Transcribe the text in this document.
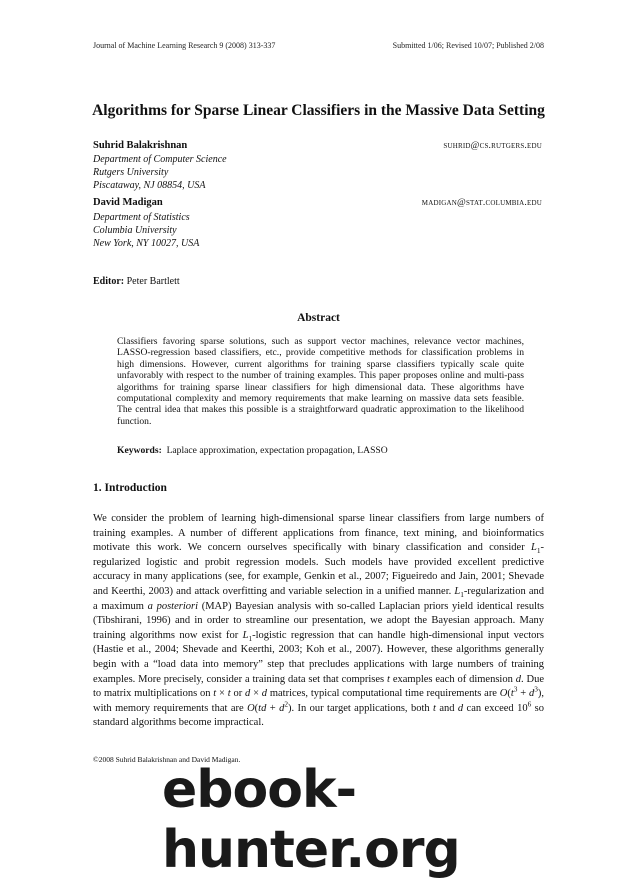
Journal of Machine Learning Research 9 (2008) 313-337	Submitted 1/06; Revised 10/07; Published 2/08
Algorithms for Sparse Linear Classifiers in the Massive Data Setting
Suhrid Balakrishnan	suhrid@cs.rutgers.edu
Department of Computer Science
Rutgers University
Piscataway, NJ 08854, USA
David Madigan	madigan@stat.columbia.edu
Department of Statistics
Columbia University
New York, NY 10027, USA
Editor: Peter Bartlett
Abstract
Classifiers favoring sparse solutions, such as support vector machines, relevance vector machines, LASSO-regression based classifiers, etc., provide competitive methods for classification problems in high dimensions. However, current algorithms for training sparse classifiers typically scale quite unfavorably with respect to the number of training examples. This paper proposes online and multi-pass algorithms for training sparse linear classifiers for high dimensional data. These algorithms have computational complexity and memory requirements that make learning on massive data sets feasible. The central idea that makes this possible is a straightforward quadratic approximation to the likelihood function.
Keywords: Laplace approximation, expectation propagation, LASSO
1. Introduction
We consider the problem of learning high-dimensional sparse linear classifiers from large numbers of training examples. A number of different applications from finance, text mining, and bioinformatics motivate this work. We concern ourselves specifically with binary classification and consider $L_1$-regularized logistic and probit regression models. Such models have provided excellent predictive accuracy in many applications (see, for example, Genkin et al., 2007; Figueiredo and Jain, 2001; Shevade and Keerthi, 2003) and attack overfitting and variable selection in a unified manner. $L_1$-regularization and a maximum a posteriori (MAP) Bayesian analysis with so-called Laplacian priors yield identical results (Tibshirani, 1996) and in order to streamline our presentation, we adopt the Bayesian approach. Many training algorithms now exist for $L_1$-logistic regression that can handle high-dimensional input vectors (Hastie et al., 2004; Shevade and Keerthi, 2003; Koh et al., 2007). However, these algorithms generally begin with a “load data into memory” step that precludes applications with large numbers of training examples. More precisely, consider a training data set that comprises t examples each of dimension d. Due to matrix multiplications on t × t or d × d matrices, typical computational time requirements are $O(t^3 + d^3)$, with memory requirements that are $O(td + d^2)$. In our target applications, both t and d can exceed $10^6$ so standard algorithms become impractical.
©2008 Suhrid Balakrishnan and David Madigan.
ebook-hunter.org
